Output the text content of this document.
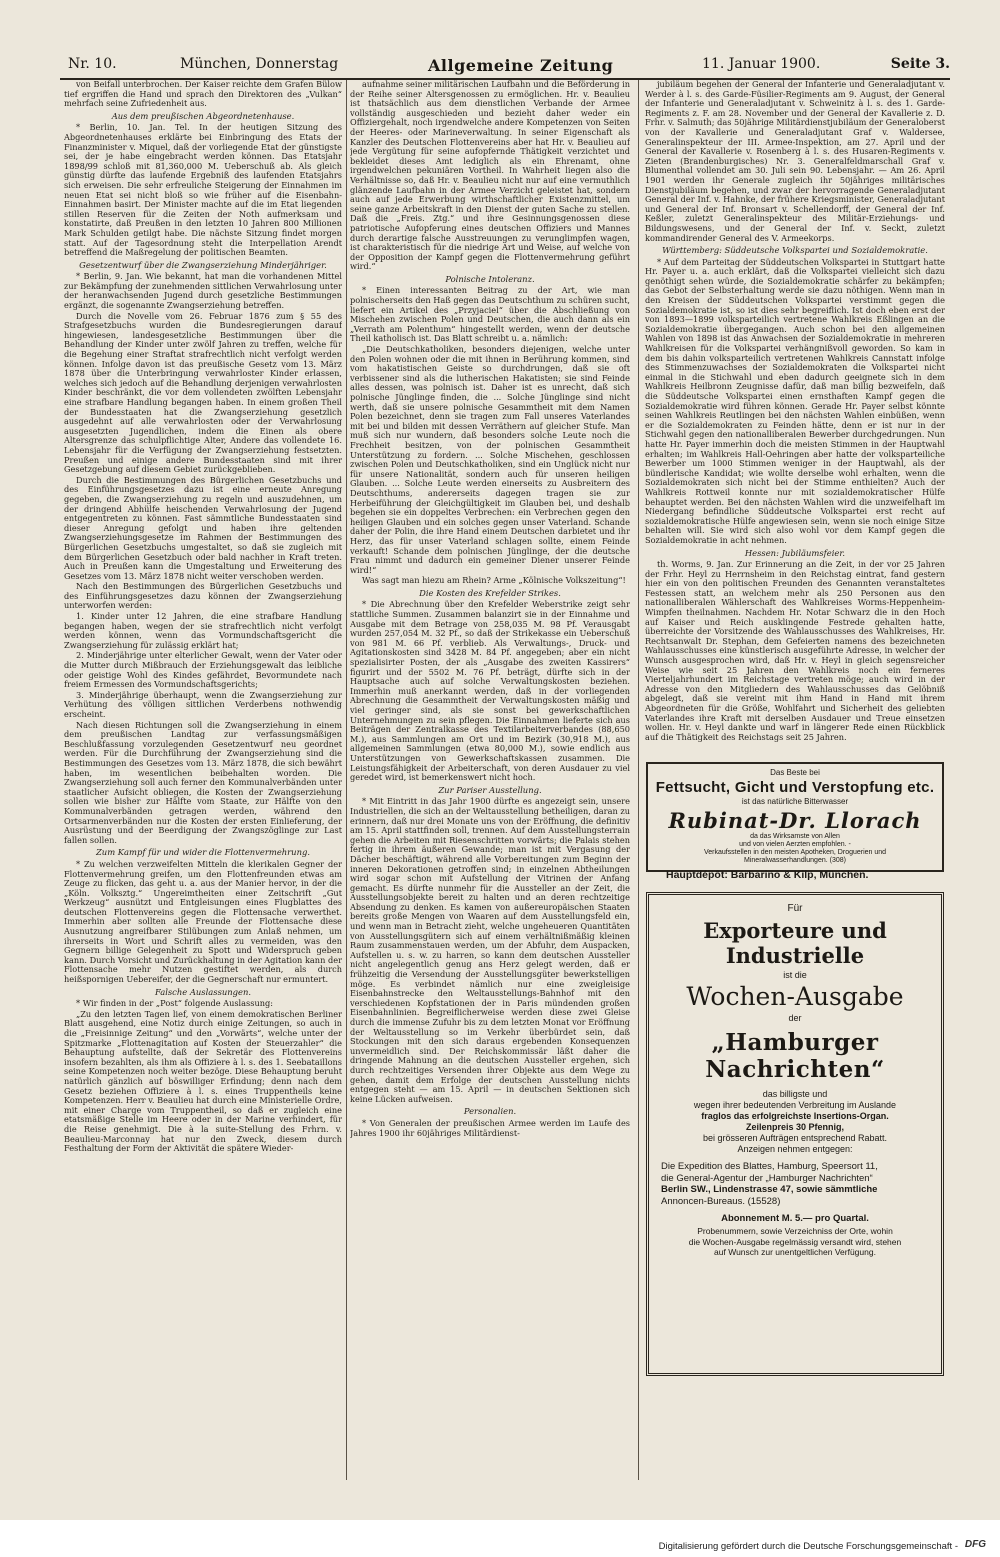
Nr. 10.	München, Donnerstag	Allgemeine Zeitung	11. Januar 1900.	Seite 3.

von Beifall unterbrochen. Der Kaiser reichte dem Grafen Bülow tief ergriffen die Hand und sprach den Direktoren des „Vulkan“ mehrfach seine Zufriedenheit aus.

Aus dem preußischen Abgeordnetenhause.

* Berlin, 10. Jan. Tel. In der heutigen Sitzung des Abgeordnetenhauses erklärte bei Einbringung des Etats der Finanzminister v. Miquel, daß der vorliegende Etat der günstigste sei, der je habe eingebracht werden können. Das Etatsjahr 1898/99 schloß mit 81,360,000 M. Ueberschuß ab. Als gleich günstig dürfte das laufende Ergebniß des laufenden Etatsjahrs sich erweisen. Die sehr erfreuliche Steigerung der Einnahmen im neuen Etat sei nicht bloß so wie früher auf die Eisenbahn-Einnahmen basirt. Der Minister machte auf die im Etat liegenden stillen Reserven für die Zeiten der Noth aufmerksam und konstatirte, daß Preußen in den letzten 10 Jahren 800 Millionen Mark Schulden getilgt habe. Die nächste Sitzung findet morgen statt. Auf der Tagesordnung steht die Interpellation Arendt betreffend die Maßregelung der politischen Beamten.

Gesetzentwurf über die Zwangserziehung Minderjähriger.

* Berlin, 9. Jan. Wie bekannt, hat man die vorhandenen Mittel zur Bekämpfung der zunehmenden sittlichen Verwahrlosung unter der heranwachsenden Jugend durch gesetzliche Bestimmungen ergänzt, die sogenannte Zwangserziehung betreffen.

Durch die Novelle vom 26. Februar 1876 zum § 55 des Strafgesetzbuchs wurden die Bundesregierungen darauf hingewiesen, landesgesetzliche Bestimmungen über die Behandlung der Kinder unter zwölf Jahren zu treffen, welche für die Begehung einer Straftat strafrechtlich nicht verfolgt werden können. Infolge davon ist das preußische Gesetz vom 13. März 1878 über die Unterbringung verwahrloster Kinder erlassen, welches sich jedoch auf die Behandlung derjenigen verwahrlosten Kinder beschränkt, die vor dem vollendeten zwölften Lebensjahr eine strafbare Handlung begangen haben. In einem großen Theil der Bundesstaaten hat die Zwangserziehung gesetzlich ausgedehnt auf alle verwahrlosten oder der Verwahrlosung ausgesetzten Jugendlichen, indem die Einen als obere Altersgrenze das schulpflichtige Alter, Andere das vollendete 16. Lebensjahr für die Verfügung der Zwangserziehung festsetzten. Preußen und einige andere Bundesstaaten sind mit ihrer Gesetzgebung auf diesem Gebiet zurückgeblieben.

Durch die Bestimmungen des Bürgerlichen Gesetzbuchs und des Einführungsgesetzes dazu ist eine erneute Anregung gegeben, die Zwangserziehung zu regeln und auszudehnen, um der dringend Abhülfe heischenden Verwahrlosung der Jugend entgegentreten zu können. Fast sämmtliche Bundesstaaten sind dieser Anregung gefolgt und haben ihre geltenden Zwangserziehungsgesetze im Rahmen der Bestimmungen des Bürgerlichen Gesetzbuchs umgestaltet, so daß sie zugleich mit dem Bürgerlichen Gesetzbuch oder bald nachher in Kraft treten. Auch in Preußen kann die Umgestaltung und Erweiterung des Gesetzes vom 13. März 1878 nicht weiter verschoben werden.

Nach den Bestimmungen des Bürgerlichen Gesetzbuchs und des Einführungsgesetzes dazu können der Zwangserziehung unterworfen werden:

1. Kinder unter 12 Jahren, die eine strafbare Handlung begangen haben, wegen der sie strafrechtlich nicht verfolgt werden können, wenn das Vormundschaftsgericht die Zwangserziehung für zulässig erklärt hat;

2. Minderjährige unter elterlicher Gewalt, wenn der Vater oder die Mutter durch Mißbrauch der Erziehungsgewalt das leibliche oder geistige Wohl des Kindes gefährdet, Bevormundete nach freiem Ermessen des Vormundschaftsgerichts;

3. Minderjährige überhaupt, wenn die Zwangserziehung zur Verhütung des völligen sittlichen Verderbens nothwendig erscheint.

Nach diesen Richtungen soll die Zwangserziehung in einem dem preußischen Landtag zur verfassungsmäßigen Beschlußfassung vorzulegenden Gesetzentwurf neu geordnet werden. Für die Durchführung der Zwangserziehung sind die Bestimmungen des Gesetzes vom 13. März 1878, die sich bewährt haben, im wesentlichen beibehalten worden. Die Zwangserziehung soll auch ferner den Kommunalverbänden unter staatlicher Aufsicht obliegen, die Kosten der Zwangserziehung sollen wie bisher zur Hälfte vom Staate, zur Hälfte von den Kommunalverbänden getragen werden, während den Ortsarmenverbänden nur die Kosten der ersten Einlieferung, der Ausrüstung und der Beerdigung der Zwangszöglinge zur Last fallen sollen.

Zum Kampf für und wider die Flottenvermehrung.

* Zu welchen verzweifelten Mitteln die klerikalen Gegner der Flottenvermehrung greifen, um den Flottenfreunden etwas am Zeuge zu flicken, das geht u. a. aus der Manier hervor, in der die „Köln. Volksztg.“ Ungereimtheiten einer Zeitschrift „Gut Werkzeug“ ausnützt und Entgleisungen eines Flugblattes des deutschen Flottenvereins gegen die Flottensache verwerthet. Immerhin aber sollten alle Freunde der Flottensache diese Ausnutzung angreifbarer Stilübungen zum Anlaß nehmen, um ihrerseits in Wort und Schrift alles zu vermeiden, was den Gegnern billige Gelegenheit zu Spott und Widerspruch geben kann. Durch Vorsicht und Zurückhaltung in der Agitation kann der Flottensache mehr Nutzen gestiftet werden, als durch heißspornigen Uebereifer, der die Gegnerschaft nur ermuntert.

Falsche Auslassungen.

* Wir finden in der „Post“ folgende Auslassung:

„Zu den letzten Tagen lief, von einem demokratischen Berliner Blatt ausgehend, eine Notiz durch einige Zeitungen, so auch in die „Freisinnige Zeitung“ und den „Vorwärts“, welche unter der Spitzmarke „Flottenagitation auf Kosten der Steuerzahler“ die Behauptung aufstellte, daß der Sekretär des Flottenvereins insofern bezahlten, als ihm als Offiziere à l. s. des 1. Seebataillons seine Kompetenzen noch weiter bezöge. Diese Behauptung beruht natürlich gänzlich auf böswilliger Erfindung; denn nach dem Gesetz beziehen Offiziere à l. s. eines Truppentheils keine Kompetenzen. Herr v. Beaulieu hat durch eine Ministerielle Ordre, mit einer Charge vom Truppentheil, so daß er zugleich eine etatsmäßige Stelle im Heere oder in der Marine verhindert, für die Reise genehmigt. Die à la suite-Stellung des Frhrn. v. Beaulieu-Marconnay hat nur den Zweck, diesem durch Festhaltung der Form der Aktivität die spätere Wieder-

aufnahme seiner militärischen Laufbahn und die Beförderung in der Reihe seiner Altersgenossen zu ermöglichen. Hr. v. Beaulieu ist thatsächlich aus dem dienstlichen Verbande der Armee vollständig ausgeschieden und bezieht daher weder ein Offiziergehalt, noch irgendwelche andere Kompetenzen von Seiten der Heeres- oder Marineverwaltung. In seiner Eigenschaft als Kanzler des Deutschen Flottenvereins aber hat Hr. v. Beaulieu auf jede Vergütung für seine aufopfernde Thätigkeit verzichtet und bekleidet dieses Amt lediglich als ein Ehrenamt, ohne irgendwelchen pekuniären Vortheil. In Wahrheit liegen also die Verhältnisse so, daß Hr. v. Beaulieu nicht nur auf eine vermuthlich glänzende Laufbahn in der Armee Verzicht geleistet hat, sondern auch auf jede Erwerbung wirthschaftlicher Existenzmittel, um seine ganze Arbeitskraft in den Dienst der guten Sache zu stellen. Daß die „Freis. Ztg.“ und ihre Gesinnungsgenossen diese patriotische Aufopferung eines deutschen Offiziers und Mannes durch derartige falsche Ausstreuungen zu verunglimpfen wagen, ist charakteristisch für die niedrige Art und Weise, auf welche von der Opposition der Kampf gegen die Flottenvermehrung geführt wird.“

Polnische Intoleranz.

* Einen interessanten Beitrag zu der Art, wie man polnischerseits den Haß gegen das Deutschthum zu schüren sucht, liefert ein Artikel des „Przyjaciel“ über die Abschließung von Mischehen zwischen Polen und Deutschen, die auch dann als ein „Verrath am Polenthum“ hingestellt werden, wenn der deutsche Theil katholisch ist. Das Blatt schreibt u. a. nämlich:

„Die Deutschkatholiken, besonders diejenigen, welche unter den Polen wohnen oder die mit ihnen in Berührung kommen, sind vom hakatistischen Geiste so durchdrungen, daß sie oft verbissener sind als die lutherischen Hakatisten; sie sind Feinde alles dessen, was polnisch ist. Daher ist es unrecht, daß sich polnische Jünglinge finden, die ... Solche Jünglinge sind nicht werth, daß sie unsere polnische Gesammtheit mit dem Namen Polen bezeichnet, denn sie tragen zum Fall unseres Vaterlandes mit bei und bilden mit dessen Verräthern auf gleicher Stufe. Man muß sich nur wundern, daß besonders solche Leute noch die Frechheit besitzen, von der polnischen Gesammtheit Unterstützung zu fordern. ... Solche Mischehen, geschlossen zwischen Polen und Deutschkatholiken, sind ein Unglück nicht nur für unsere Nationalität, sondern auch für unseren heiligen Glauben. ... Solche Leute werden einerseits zu Ausbreitern des Deutschthums, andererseits dagegen tragen sie zur Herbeiführung der Gleichgültigkeit im Glauben bei, und deshalb begehen sie ein doppeltes Verbrechen: ein Verbrechen gegen den heiligen Glauben und ein solches gegen unser Vaterland. Schande daher der Polin, die ihre Hand einem Deutschen darbietet und ihr Herz, das für unser Vaterland schlagen sollte, einem Feinde verkauft! Schande dem polnischen Jünglinge, der die deutsche Frau nimmt und dadurch ein gemeiner Diener unserer Feinde wird!“

Was sagt man hiezu am Rhein? Arme „Kölnische Volkszeitung“!

Die Kosten des Krefelder Strikes.

* Die Abrechnung über den Krefelder Weberstrike zeigt sehr stattliche Summen. Zusammen balanzirt sie in der Einnahme und Ausgabe mit dem Betrage von 258,035 M. 98 Pf. Verausgabt wurden 257,054 M. 32 Pf., so daß der Strikekasse ein Ueberschuß von 981 M. 66 Pf. verblieb. Als Verwaltungs-, Druck- und Agitationskosten sind 3428 M. 84 Pf. angegeben; aber ein nicht spezialisirter Posten, der als „Ausgabe des zweiten Kassirers“ figurirt und der 5502 M. 76 Pf. beträgt, dürfte sich in der Hauptsache auch auf solche Verwaltungskosten beziehen. Immerhin muß anerkannt werden, daß in der vorliegenden Abrechnung die Gesammtheit der Verwaltungskosten mäßig und viel geringer sind, als sie sonst bei gewerkschaftlichen Unternehmungen zu sein pflegen. Die Einnahmen lieferte sich aus Beiträgen der Zentralkasse des Textilarbeiterverbandes (88,650 M.), aus Sammlungen am Ort und im Bezirk (30,918 M.), aus allgemeinen Sammlungen (etwa 80,000 M.), sowie endlich aus Unterstützungen von Gewerkschaftskassen zusammen. Die Leistungsfähigkeit der Arbeiterschaft, von deren Ausdauer zu viel geredet wird, ist bemerkenswert nicht hoch.

Zur Pariser Ausstellung.

* Mit Eintritt in das Jahr 1900 dürfte es angezeigt sein, unsere Industriellen, die sich an der Weltausstellung betheiligen, daran zu erinnern, daß nur drei Monate uns von der Eröffnung, die definitiv am 15. April stattfinden soll, trennen. Auf dem Ausstellungsterrain gehen die Arbeiten mit Riesenschritten vorwärts; die Palais stehen fertig in ihrem äußeren Gewande; man ist mit Vergasung der Dächer beschäftigt, während alle Vorbereitungen zum Beginn der inneren Dekorationen getroffen sind; in einzelnen Abtheilungen wird sogar schon mit Aufstellung der Vitrinen der Anfang gemacht. Es dürfte nunmehr für die Aussteller an der Zeit, die Ausstellungsobjekte bereit zu halten und an deren rechtzeitige Absendung zu denken. Es kamen von außereuropäischen Staaten bereits große Mengen von Waaren auf dem Ausstellungsfeld ein, und wenn man in Betracht zieht, welche ungeheueren Quantitäten von Ausstellungsgütern sich auf einem verhältnißmäßig kleinen Raum zusammenstauen werden, um der Abfuhr, dem Auspacken, Aufstellen u. s. w. zu harren, so kann dem deutschen Aussteller nicht angelegentlich genug ans Herz gelegt werden, daß er frühzeitig die Versendung der Ausstellungsgüter bewerkstelligen möge. Es verbindet nämlich nur eine zweigleisige Eisenbahnstrecke den Weltausstellungs-Bahnhof mit den verschiedenen Kopfstationen der in Paris mündenden großen Eisenbahnlinien. Begreiflicherweise werden diese zwei Gleise durch die immense Zufuhr bis zu dem letzten Monat vor Eröffnung der Weltausstellung so im Verkehr überbürdet sein, daß Stockungen mit den sich daraus ergebenden Konsequenzen unvermeidlich sind. Der Reichskommissär läßt daher die dringende Mahnung an die deutschen Aussteller ergehen, sich durch rechtzeitiges Versenden ihrer Objekte aus dem Wege zu gehen, damit dem Erfolge der deutschen Ausstellung nichts entgegen steht — am 15. April — in deutschen Sektionen sich keine Lücken aufweisen.

Personalien.

* Von Generalen der preußischen Armee werden im Laufe des Jahres 1900 ihr 60jähriges Militärdienst-

jubiläum begehen der General der Infanterie und Generaladjutant v. Werder à l. s. des Garde-Füsilier-Regiments am 9. August, der General der Infanterie und Generaladjutant v. Schweinitz à l. s. des 1. Garde-Regiments z. F. am 28. November und der General der Kavallerie z. D. Frhr. v. Salmuth; das 50jährige Militärdienstjubiläum der Generaloberst von der Kavallerie und Generaladjutant Graf v. Waldersee, Generalinspekteur der III. Armee-Inspektion, am 27. April und der General der Kavallerie v. Rosenberg à l. s. des Husaren-Regiments v. Zieten (Brandenburgisches) Nr. 3. Generalfeldmarschall Graf v. Blumenthal vollendet am 30. Juli sein 90. Lebensjahr. — Am 26. April 1901 werden ihr Generale zugleich ihr 50jähriges militärisches Dienstjubiläum begehen, und zwar der hervorragende Generaladjutant General der Inf. v. Hahnke, der frühere Kriegsminister, Generaladjutant und General der Inf. Bronsart v. Schellendorff, der General der Inf. Keßler, zuletzt Generalinspekteur des Militär-Erziehungs- und Bildungswesens, und der General der Inf. v. Seckt, zuletzt kommandirender General des V. Armeekorps.

Württemberg: Süddeutsche Volkspartei und Sozialdemokratie.

* Auf dem Parteitag der Süddeutschen Volkspartei in Stuttgart hatte Hr. Payer u. a. auch erklärt, daß die Volkspartei vielleicht sich dazu genöthigt sehen würde, die Sozialdemokratie schärfer zu bekämpfen; das Gebot der Selbsterhaltung werde sie dazu nöthigen. Wenn man in den Kreisen der Süddeutschen Volkspartei verstimmt gegen die Sozialdemokratie ist, so ist dies sehr begreiflich. Ist doch eben erst der von 1893—1899 volksparteilich vertretene Wahlkreis Eßlingen an die Sozialdemokratie übergegangen. Auch schon bei den allgemeinen Wahlen von 1898 ist das Anwachsen der Sozialdemokratie in mehreren Wahlkreisen für die Volkspartei verhängnißvoll geworden. So kam in dem bis dahin volksparteilich vertretenen Wahlkreis Cannstatt infolge des Stimmenzuwachses der Sozialdemokraten die Volkspartei nicht einmal in die Stichwahl und eben dadurch geeignete sich in dem Wahlkreis Heilbronn Zeugnisse dafür, daß man billig bezweifeln, daß die Süddeutsche Volkspartei einen ernsthaften Kampf gegen die Sozialdemokratie wird führen können. Gerade Hr. Payer selbst könnte seinen Wahlkreis Reutlingen bei den nächsten Wahlen einbüßen, wenn er die Sozialdemokraten zu Feinden hätte, denn er ist nur in der Stichwahl gegen den nationalliberalen Bewerber durchgedrungen. Nun hatte Hr. Payer immerhin doch die meisten Stimmen in der Hauptwahl erhalten; im Wahlkreis Hall-Oehringen aber hatte der volksparteiliche Bewerber um 1000 Stimmen weniger in der Hauptwahl, als der bündlerische Kandidat; wie wollte derselbe wohl erhalten, wenn die Sozialdemokraten sich nicht bei der Stimme enthielten? Auch der Wahlkreis Rottweil konnte nur mit sozialdemokratischer Hülfe behauptet werden. Bei den nächsten Wahlen wird die unzweifelhaft im Niedergang befindliche Süddeutsche Volkspartei erst recht auf sozialdemokratische Hülfe angewiesen sein, wenn sie noch einige Sitze behalten will. Sie wird sich also wohl vor dem Kampf gegen die Sozialdemokratie in acht nehmen.

Hessen: Jubiläumsfeier.

th. Worms, 9. Jan. Zur Erinnerung an die Zeit, in der vor 25 Jahren der Frhr. Heyl zu Herrnsheim in den Reichstag eintrat, fand gestern hier ein von den politischen Freunden des Genannten veranstaltetes Festessen statt, an welchem mehr als 250 Personen aus den nationalliberalen Wählerschaft des Wahlkreises Worms-Heppenheim-Wimpfen theilnahmen. Nachdem Hr. Notar Schwarz die in den Hoch auf Kaiser und Reich ausklingende Festrede gehalten hatte, überreichte der Vorsitzende des Wahlausschusses des Wahlkreises, Hr. Rechtsanwalt Dr. Stephan, dem Gefeierten namens des bezeichneten Wahlausschusses eine künstlerisch ausgeführte Adresse, in welcher der Wunsch ausgesprochen wird, daß Hr. v. Heyl in gleich segensreicher Weise wie seit 25 Jahren den Wahlkreis noch ein ferneres Vierteljahrhundert im Reichstage vertreten möge; auch wird in der Adresse von den Mitgliedern des Wahlausschusses das Gelöbniß abgelegt, daß sie vereint mit ihm Hand in Hand mit ihrem Abgeordneten für die Größe, Wohlfahrt und Sicherheit des geliebten Vaterlandes ihre Kraft mit derselben Ausdauer und Treue einsetzen wollen. Hr. v. Heyl dankte und warf in längerer Rede einen Rückblick auf die Thätigkeit des Reichstags seit 25 Jahren.

Das Beste bei
Fettsucht, Gicht und Verstopfung etc.
ist das natürliche Bitterwasser
Rubinat-Dr. Llorach
da das Wirksamste von Allen
und von vielen Aerzten empfohlen. -
Verkaufsstellen in den meisten Apotheken, Droguerien und
Mineralwasserhandlungen. (308)
Hauptdépôt: Barbarino & Kilp, München.
Für
Exporteure und Industrielle
ist die
Wochen-Ausgabe
der
„Hamburger Nachrichten“
das billigste und
wegen ihrer bedeutenden Verbreitung im Auslande
fraglos das erfolgreichste Insertions-Organ.
Zeilenpreis 30 Pfennig,
bei grösseren Aufträgen entsprechend Rabatt.
Anzeigen nehmen entgegen:
Die Expedition des Blattes, Hamburg, Speersort 11,
die General-Agentur der „Hamburger Nachrichten“
Berlin SW., Lindenstrasse 47, sowie sämmtliche
Annoncen-Bureaus. (15528)
Abonnement M. 5.— pro Quartal.
Probenummern, sowie Verzeichniss der Orte, wohin
die Wochen-Ausgabe regelmässig versandt wird, stehen
auf Wunsch zur unentgeltlichen Verfügung.
Digitalisierung gefördert durch die Deutsche Forschungsgemeinschaft - DFG
